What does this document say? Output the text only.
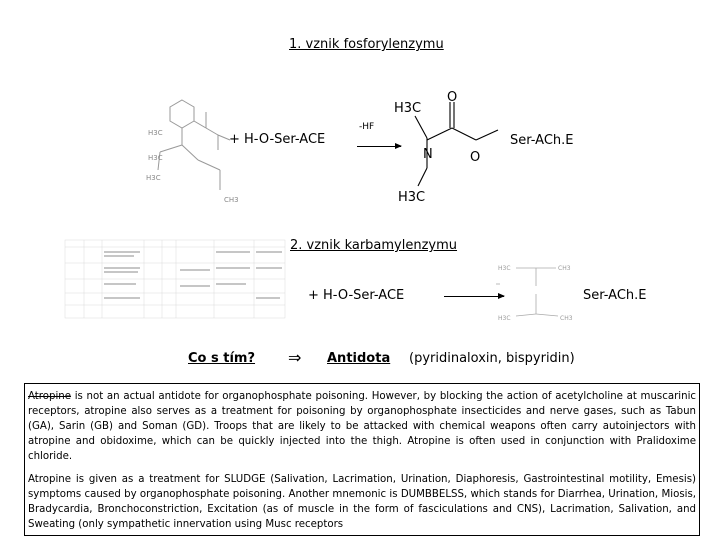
1. vznik fosforylenzymu
H3C
H3C
H3C
CH3
+ H-O-Ser-ACE
-HF
H3C
O
N	O
H3C
Ser-ACh.E
2. vznik karbamylenzymu
+ H-O-Ser-ACE
H3C	CH3
H3C	CH3
Ser-ACh.E
Co s tím? ⇒ Antidota (pyridinaloxin, bispyridin)

Atropine is not an actual antidote for organophosphate poisoning. However, by blocking the action of acetylcholine at muscarinic receptors, atropine also serves as a treatment for poisoning by organophosphate insecticides and nerve gases, such as Tabun (GA), Sarin (GB) and Soman (GD). Troops that are likely to be attacked with chemical weapons often carry autoinjectors with atropine and obidoxime, which can be quickly injected into the thigh. Atropine is often used in conjunction with Pralidoxime chloride.

Atropine is given as a treatment for SLUDGE (Salivation, Lacrimation, Urination, Diaphoresis, Gastrointestinal motility, Emesis) symptoms caused by organophosphate poisoning. Another mnemonic is DUMBBELSS, which stands for Diarrhea, Urination, Miosis, Bradycardia, Bronchoconstriction, Excitation (as of muscle in the form of fasciculations and CNS), Lacrimation, Salivation, and Sweating (only sympathetic innervation using Musc receptors
